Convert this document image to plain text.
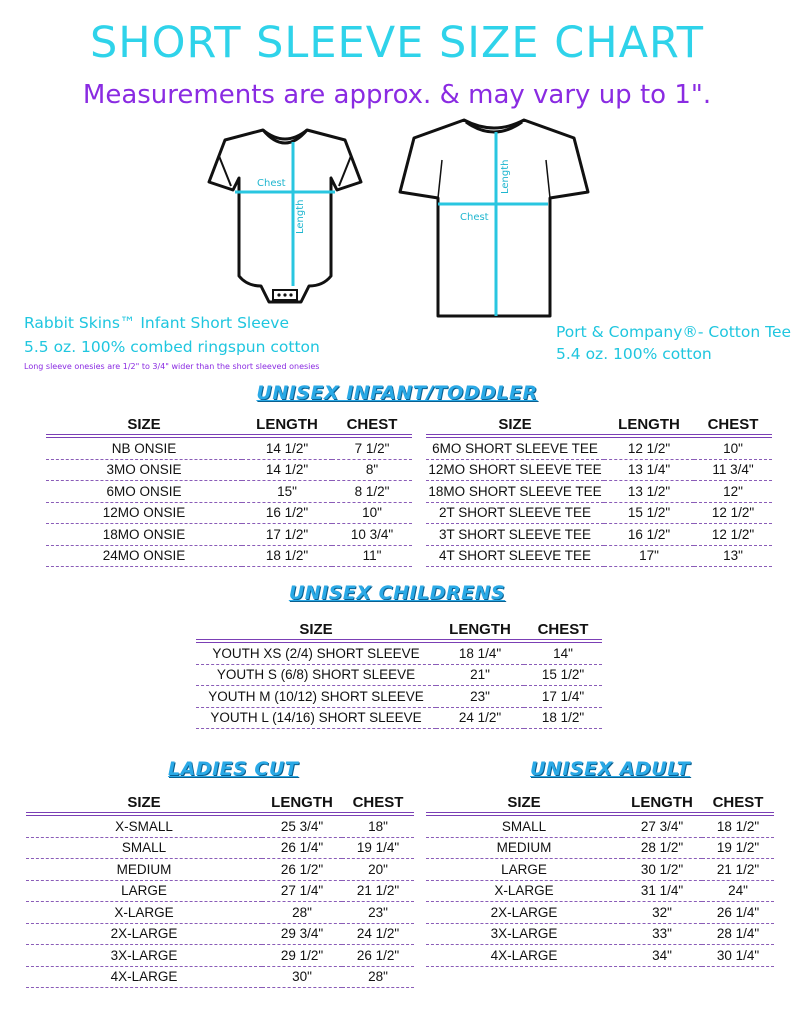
SHORT SLEEVE SIZE CHART
Measurements are approx. & may vary up to 1".
Chest
Length	Chest
Length
Rabbit Skins™ Infant Short Sleeve
5.5 oz. 100% combed ringspun cotton
Long sleeve onesies are 1/2" to 3/4" wider than the short sleeved onesies
Port & Company®- Cotton Tee
5.4 oz. 100% cotton
UNISEX INFANT/TODDLER
UNISEX CHILDRENS
LADIES CUT	UNISEX ADULT
SIZE	LENGTH	CHEST
NB ONSIE	14 1/2"	7 1/2"
3MO ONSIE	14 1/2"	8"
6MO ONSIE	15"	8 1/2"
12MO ONSIE	16 1/2"	10"
18MO ONSIE	17 1/2"	10 3/4"
24MO ONSIE	18 1/2"	11"
SIZE	LENGTH	CHEST
6MO SHORT SLEEVE TEE	12 1/2"	10"
12MO SHORT SLEEVE TEE	13 1/4"	11 3/4"
18MO SHORT SLEEVE TEE	13 1/2"	12"
2T SHORT SLEEVE TEE	15 1/2"	12 1/2"
3T SHORT SLEEVE TEE	16 1/2"	12 1/2"
4T SHORT SLEEVE TEE	17"	13"
SIZE	LENGTH	CHEST
YOUTH XS (2/4) SHORT SLEEVE	18 1/4"	14"
YOUTH S (6/8) SHORT SLEEVE	21"	15 1/2"
YOUTH M (10/12) SHORT SLEEVE	23"	17 1/4"
YOUTH L (14/16) SHORT SLEEVE	24 1/2"	18 1/2"
SIZE	LENGTH	CHEST
X-SMALL	25 3/4"	18"
SMALL	26 1/4"	19 1/4"
MEDIUM	26 1/2"	20"
LARGE	27 1/4"	21 1/2"
X-LARGE	28"	23"
2X-LARGE	29 3/4"	24 1/2"
3X-LARGE	29 1/2"	26 1/2"
4X-LARGE	30"	28"
SIZE	LENGTH	CHEST
SMALL	27 3/4"	18 1/2"
MEDIUM	28 1/2"	19 1/2"
LARGE	30 1/2"	21 1/2"
X-LARGE	31 1/4"	24"
2X-LARGE	32"	26 1/4"
3X-LARGE	33"	28 1/4"
4X-LARGE	34"	30 1/4"
